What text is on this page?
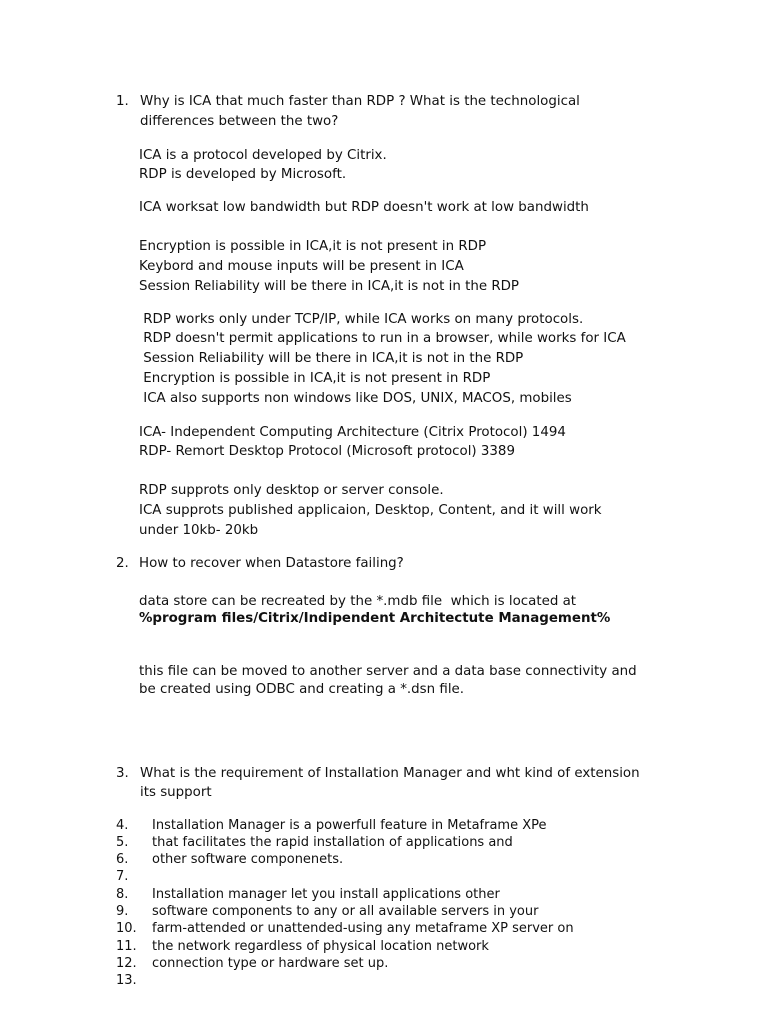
1. Why is ICA that much faster than RDP ? What is the technological
differences between the two?
ICA is a protocol developed by Citrix.
RDP is developed by Microsoft.
ICA worksat low bandwidth but RDP doesn't work at low bandwidth
Encryption is possible in ICA,it is not present in RDP
Keybord and mouse inputs will be present in ICA
Session Reliability will be there in ICA,it is not in the RDP
RDP works only under TCP/IP, while ICA works on many protocols.
RDP doesn't permit applications to run in a browser, while works for ICA
Session Reliability will be there in ICA,it is not in the RDP
Encryption is possible in ICA,it is not present in RDP
ICA also supports non windows like DOS, UNIX, MACOS, mobiles
ICA- Independent Computing Architecture (Citrix Protocol) 1494
RDP- Remort Desktop Protocol (Microsoft protocol) 3389
RDP supprots only desktop or server console.
ICA supprots published applicaion, Desktop, Content, and it will work
under 10kb- 20kb
2. How to recover when Datastore failing?
data store can be recreated by the *.mdb file  which is located at
%program files/Citrix/Indipendent Architectute Management%
this file can be moved to another server and a data base connectivity and
be created using ODBC and creating a *.dsn file.
3. What is the requirement of Installation Manager and wht kind of extension
its support
4. Installation Manager is a powerfull feature in Metaframe XPe
5. that facilitates the rapid installation of applications and
6. other software componenets.
7.
8. Installation manager let you install applications other
9. software components to any or all available servers in your
10. farm-attended or unattended-using any metaframe XP server on
11. the network regardless of physical location network
12. connection type or hardware set up.
13.
